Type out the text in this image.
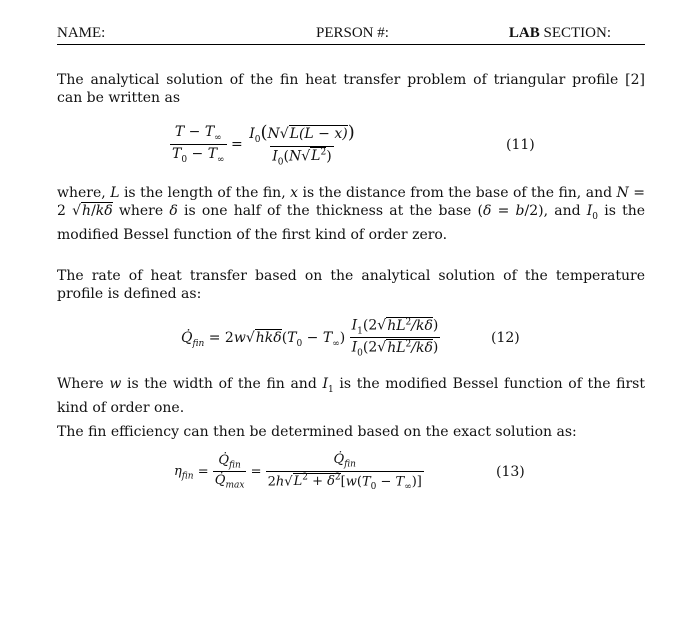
NAME:	PERSON #:	LAB SECTION:
The analytical solution of the fin heat transfer problem of triangular profile [2] can be written as
$\frac{T - T_\infty}{T_0 - T_\infty} = \frac{I_0(N√L(L - x))}{I_0(N√L^2)}$	(11)
where, L is the length of the fin, x is the distance from the base of the fin, and N = 2 √h/kδ where δ is one half of the thickness at the base (δ = b/2), and $I_0$ is the modified Bessel function of the first kind of order zero.
The rate of heat transfer based on the analytical solution of the temperature profile is defined as:
$Q̇_{fin} = 2w√hk\delta(T_0 - T_\infty) \frac{I_1(2√hL^2/k\delta)}{I_0(2√hL^2/k\delta)}$	(12)
Where w is the width of the fin and $I_1$ is the modified Bessel function of the first kind of order one.
The fin efficiency can then be determined based on the exact solution as:
$\eta_{fin} = \frac{Q̇_{fin}}{Q̇_{max}} = \frac{Q̇_{fin}}{2h√L^2 + \delta^2[w(T_0 - T_\infty)]}$	(13)
